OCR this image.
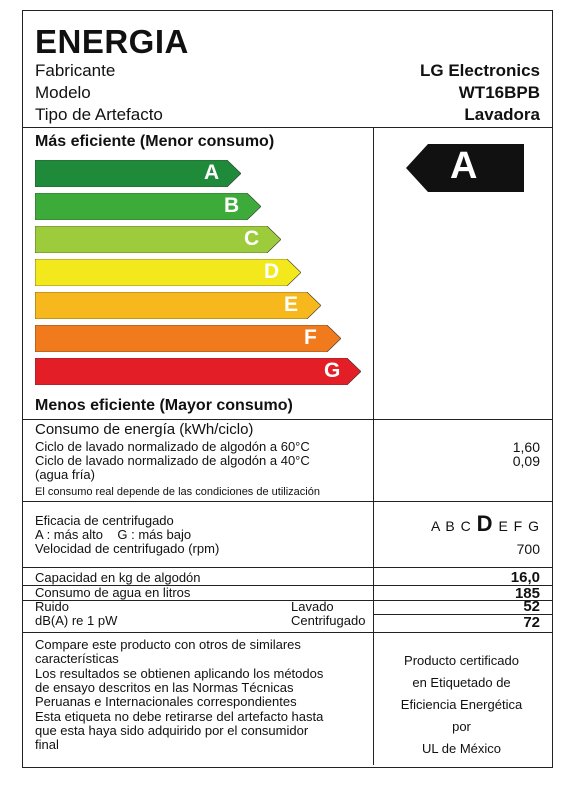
ENERGIA
Fabricante
Modelo
Tipo de Artefacto
LG Electronics
WT16BPB
Lavadora
Más eficiente (Menor consumo)
A
B
C
D
E
F
G
A
Menos eficiente (Mayor consumo)
Consumo de energía (kWh/ciclo)
Ciclo de lavado normalizado de algodón a 60°C
Ciclo de lavado normalizado de algodón a 40°C
(agua fría)
1,60
0,09
El consumo real depende de las condiciones de utilización
Eficacia de centrifugado
A : más alto    G : más bajo
Velocidad de centrifugado (rpm)
A B C D E F G
700
Capacidad en kg de algodón	16,0
Consumo de agua en litros	185
Ruido
dB(A) re 1 pW
Lavado
Centrifugado
52
72
Compare este producto con otros de similares
características
Los resultados se obtienen aplicando los métodos
de ensayo descritos en las Normas Técnicas
Peruanas e Internacionales correspondientes
Esta etiqueta no debe retirarse del artefacto hasta
que esta haya sido adquirido por el consumidor
final
Producto certificado
en Etiquetado de
Eficiencia Energética
por
UL de México
